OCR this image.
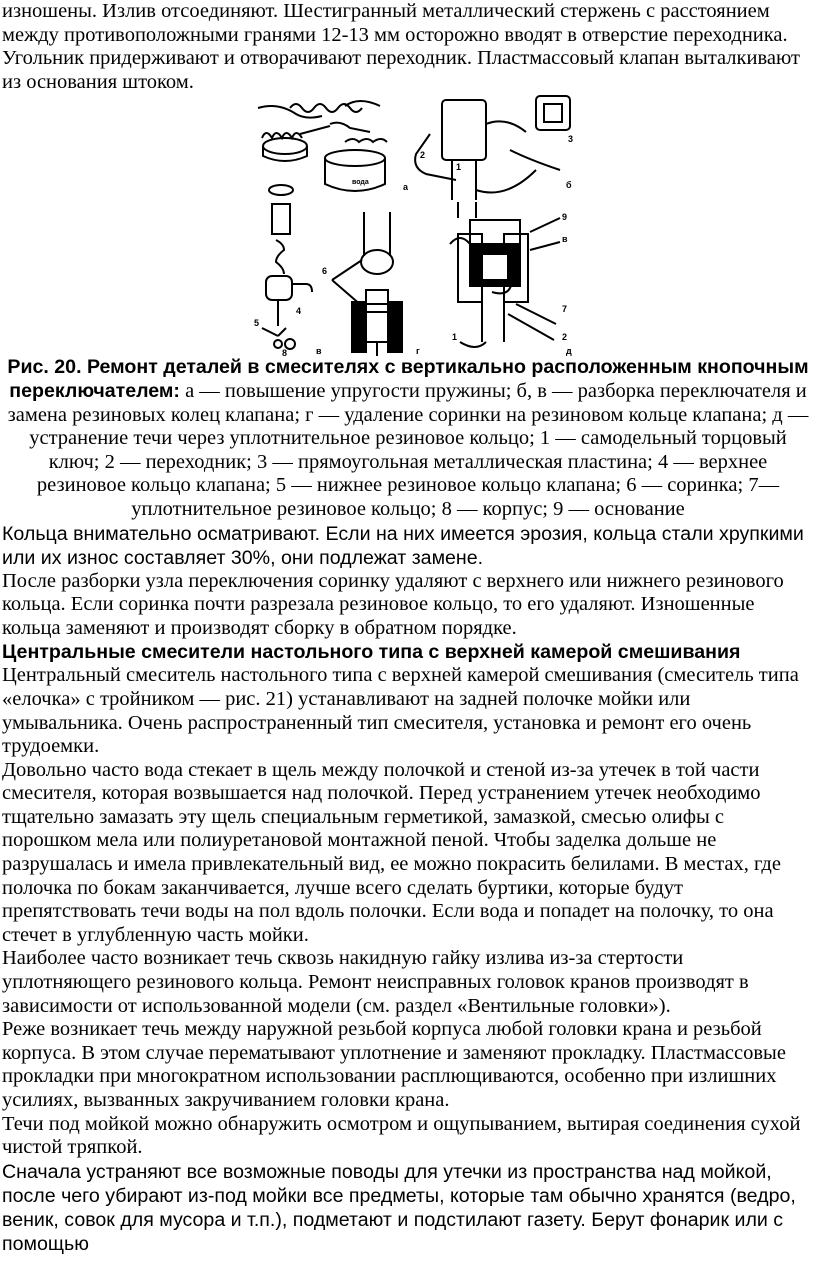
изношены. Излив отсоединяют. Шестигранный металлический стержень с расстоянием между противоположными гранями 12-13 мм осторожно вводят в отверстие переходника. Угольник придерживают и отворачивают переходник. Пластмассовый клапан выталкивают из основания штоком.

вода	а	б
в	г	д
1
2
3
4
5
6
7
8
9
в
1	2

Рис. 20. Ремонт деталей в смесителях с вертикально расположенным кнопочным переключателем: а — повышение упругости пружины; б, в — разборка переключателя и замена резиновых колец клапана; г — удаление соринки на резиновом кольце клапана; д — устранение течи через уплотнительное резиновое кольцо; 1 — самодельный торцовый ключ; 2 — переходник; 3 — прямоугольная металлическая пластина; 4 — верхнее резиновое кольцо клапана; 5 — нижнее резиновое кольцо клапана; 6 — соринка; 7— уплотнительное резиновое кольцо; 8 — корпус; 9 — основание

Кольца внимательно осматривают. Если на них имеется эрозия, кольца стали хрупкими или их износ составляет 30%, они подлежат замене.

После разборки узла переключения соринку удаляют с верхнего или нижнего резинового кольца. Если соринка почти разрезала резиновое кольцо, то его удаляют. Изношенные кольца заменяют и производят сборку в обратном порядке.

Центральные смесители настольного типа с верхней камерой смешивания

Центральный смеситель настольного типа с верхней камерой смешивания (смеситель типа «елочка» с тройником — рис. 21) устанавливают на задней полочке мойки или умывальника. Очень распространенный тип смесителя, установка и ремонт его очень трудоемки.

Довольно часто вода стекает в щель между полочкой и стеной из-за утечек в той части смесителя, которая возвышается над полочкой. Перед устранением утечек необходимо тщательно замазать эту щель специальным герметикой, замазкой, смесью олифы с порошком мела или полиуретановой монтажной пеной. Чтобы заделка дольше не разрушалась и имела привлекательный вид, ее можно покрасить белилами. В местах, где полочка по бокам заканчивается, лучше всего сделать буртики, которые будут препятствовать течи воды на пол вдоль полочки. Если вода и попадет на полочку, то она стечет в углубленную часть мойки.

Наиболее часто возникает течь сквозь накидную гайку излива из-за стертости уплотняющего резинового кольца. Ремонт неисправных головок кранов производят в зависимости от использованной модели (см. раздел «Вентильные головки»).

Реже возникает течь между наружной резьбой корпуса любой головки крана и резьбой корпуса. В этом случае перематывают уплотнение и заменяют прокладку. Пластмассовые прокладки при многократном использовании расплющиваются, особенно при излишних усилиях, вызванных закручиванием головки крана.

Течи под мойкой можно обнаружить осмотром и ощупыванием, вытирая соединения сухой чистой тряпкой.

Сначала устраняют все возможные поводы для утечки из пространства над мойкой, после чего убирают из-под мойки все предметы, которые там обычно хранятся (ведро, веник, совок для мусора и т.п.), подметают и подстилают газету. Берут фонарик или с помощью
